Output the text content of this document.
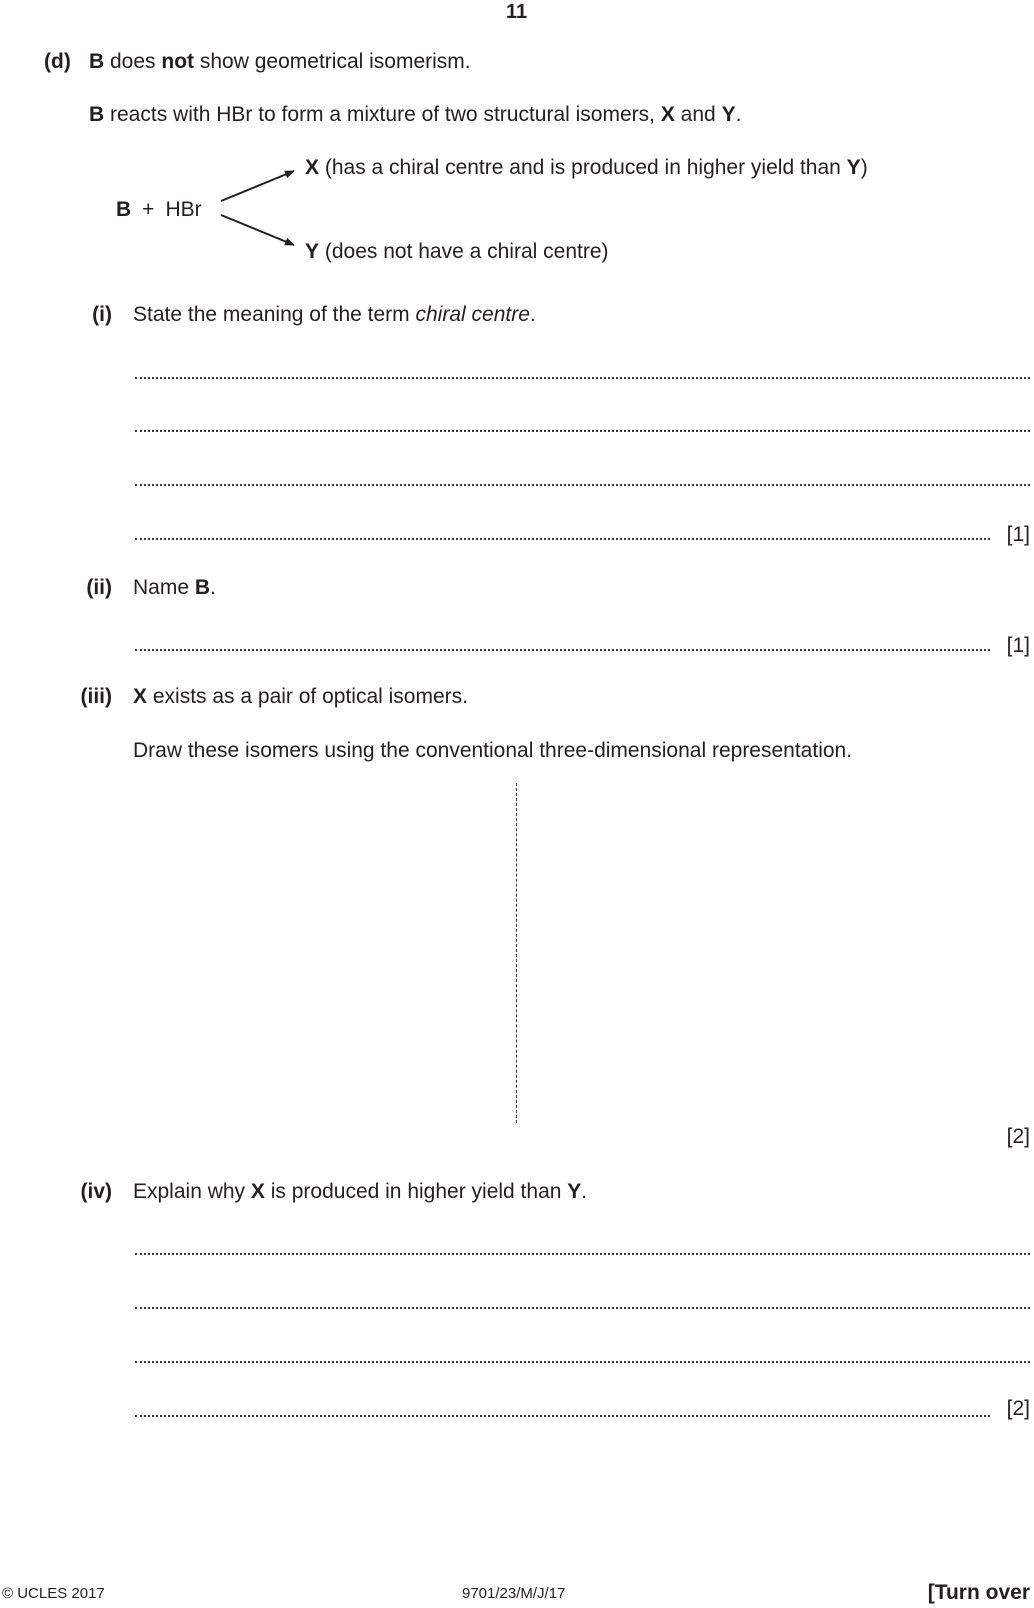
11
(d) B does not show geometrical isomerism.
B reacts with HBr to form a mixture of two structural isomers, X and Y.
B + HBr
X (has a chiral centre and is produced in higher yield than Y)
Y (does not have a chiral centre)
(i) State the meaning of the term chiral centre.
[1]
(ii) Name B.
[1]
(iii) X exists as a pair of optical isomers.
Draw these isomers using the conventional three-dimensional representation.
[2]
(iv) Explain why X is produced in higher yield than Y.
[2]
© UCLES 2017	9701/23/M/J/17	[Turn over
